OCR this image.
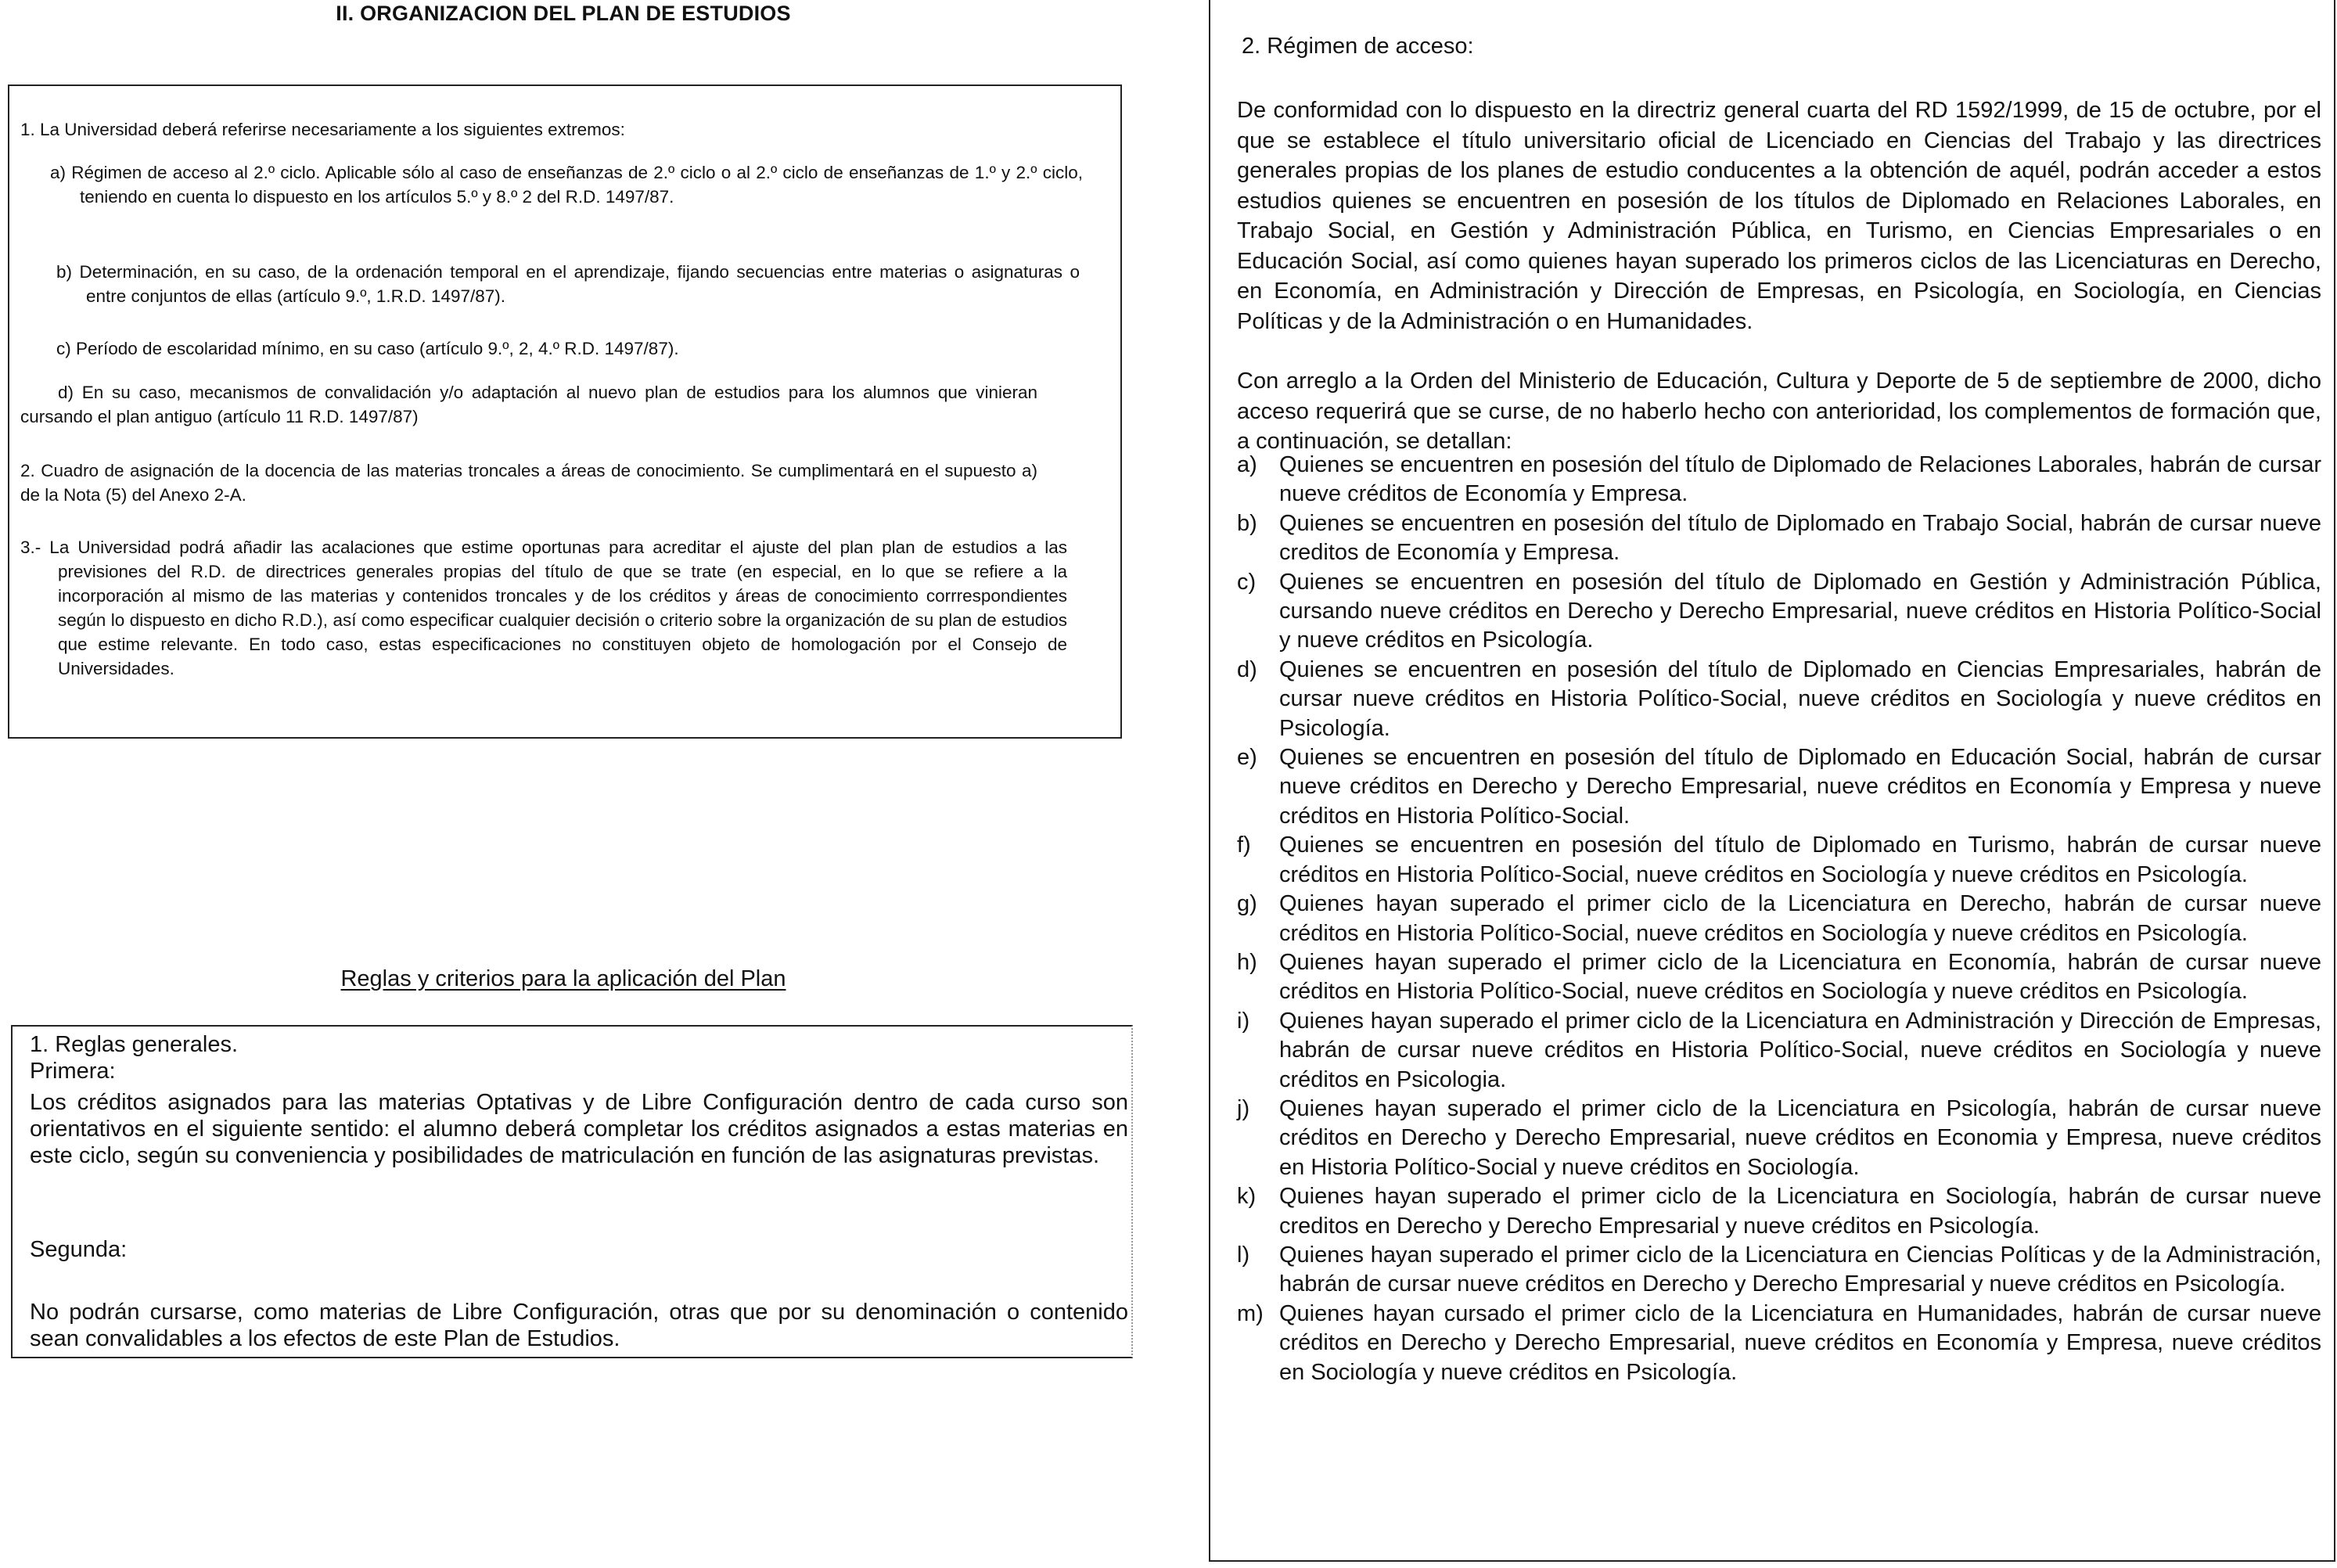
II. ORGANIZACION DEL PLAN DE ESTUDIOS

1. La Universidad deberá referirse necesariamente a los siguientes extremos:

a) Régimen de acceso al 2.º ciclo. Aplicable sólo al caso de enseñanzas de 2.º ciclo o al 2.º ciclo de enseñanzas de 1.º y 2.º ciclo, teniendo en cuenta lo dispuesto en los artículos 5.º y 8.º 2 del R.D. 1497/87.

b) Determinación, en su caso, de la ordenación temporal en el aprendizaje, fijando secuencias entre materias o asignaturas o entre conjuntos de ellas (artículo 9.º, 1.R.D. 1497/87).

c) Período de escolaridad mínimo, en su caso (artículo 9.º, 2, 4.º R.D. 1497/87).

d) En su caso, mecanismos de convalidación y/o adaptación al nuevo plan de estudios para los alumnos que vinieran cursando el plan antiguo (artículo 11 R.D. 1497/87)

2. Cuadro de asignación de la docencia de las materias troncales a áreas de conocimiento. Se cumplimentará en el supuesto a) de la Nota (5) del Anexo 2-A.

3.- La Universidad podrá añadir las acalaciones que estime oportunas para acreditar el ajuste del plan plan de estudios a las previsiones del R.D. de directrices generales propias del título de que se trate (en especial, en lo que se refiere a la incorporación al mismo de las materias y contenidos troncales y de los créditos y áreas de conocimiento corrrespondientes según lo dispuesto en dicho R.D.), así como especificar cualquier decisión o criterio sobre la organización de su plan de estudios que estime relevante. En todo caso, estas especificaciones no constituyen objeto de homologación por el Consejo de Universidades.

Reglas y criterios para la aplicación del Plan

1. Reglas generales.

Primera:

Los créditos asignados para las materias Optativas y de Libre Configuración dentro de cada curso son orientativos en el siguiente sentido: el alumno deberá completar los créditos asignados a estas materias en este ciclo, según su conveniencia y posibilidades de matriculación en función de las asignaturas previstas.

Segunda:

No podrán cursarse, como materias de Libre Configuración, otras que por su denominación o contenido sean convalidables a los efectos de este Plan de Estudios.

2. Régimen de acceso:

De conformidad con lo dispuesto en la directriz general cuarta del RD 1592/1999, de 15 de octubre, por el que se establece el título universitario oficial de Licenciado en Ciencias del Trabajo y las directrices generales propias de los planes de estudio conducentes a la obtención de aquél, podrán acceder a estos estudios quienes se encuentren en posesión de los títulos de Diplomado en Relaciones Laborales, en Trabajo Social, en Gestión y Administración Pública, en Turismo, en Ciencias Empresariales o en Educación Social, así como quienes hayan superado los primeros ciclos de las Licenciaturas en Derecho, en Economía, en Administración y Dirección de Empresas, en Psicología, en Sociología, en Ciencias Políticas y de la Administración o en Humanidades.

Con arreglo a la Orden del Ministerio de Educación, Cultura y Deporte de 5 de septiembre de 2000, dicho acceso requerirá que se curse, de no haberlo hecho con anterioridad, los complementos de formación que, a continuación, se detallan:

a) Quienes se encuentren en posesión del título de Diplomado de Relaciones Laborales, habrán de cursar nueve créditos de Economía y Empresa.
b) Quienes se encuentren en posesión del título de Diplomado en Trabajo Social, habrán de cursar nueve creditos de Economía y Empresa.
c)	Quienes se encuentren en posesión del título de Diplomado en Gestión y Administración Pública, cursando nueve créditos en Derecho y Derecho Empresarial, nueve créditos en Historia Político-Social y nueve créditos en Psicología.
d) Quienes se encuentren en posesión del título de Diplomado en Ciencias Empresariales, habrán de cursar nueve créditos en Historia Político-Social, nueve créditos en Sociología y nueve créditos en Psicología.
e) Quienes se encuentren en posesión del título de Diplomado en Educación Social, habrán de cursar nueve créditos en Derecho y Derecho Empresarial, nueve créditos en Economía y Empresa y nueve créditos en Historia Político-Social.
f)	Quienes se encuentren en posesión del título de Diplomado en Turismo, habrán de cursar nueve créditos en Historia Político-Social, nueve créditos en Sociología y nueve créditos en Psicología.
g) Quienes hayan superado el primer ciclo de la Licenciatura en Derecho, habrán de cursar nueve créditos en Historia Político-Social, nueve créditos en Sociología y nueve créditos en Psicología.
h) Quienes hayan superado el primer ciclo de la Licenciatura en Economía, habrán de cursar nueve créditos en Historia Político-Social, nueve créditos en Sociología y nueve créditos en Psicología.
i)	Quienes hayan superado el primer ciclo de la Licenciatura en Administración y Dirección de Empresas, habrán de cursar nueve créditos en Historia Político-Social, nueve créditos en Sociología y nueve créditos en Psicologia.
j)	Quienes hayan superado el primer ciclo de la Licenciatura en Psicología, habrán de cursar nueve créditos en Derecho y Derecho Empresarial, nueve créditos en Economia y Empresa, nueve créditos en Historia Político-Social y nueve créditos en Sociología.
k)	Quienes hayan superado el primer ciclo de la Licenciatura en Sociología, habrán de cursar nueve creditos en Derecho y Derecho Empresarial y nueve créditos en Psicología.
l)	Quienes hayan superado el primer ciclo de la Licenciatura en Ciencias Políticas y de la Administración, habrán de cursar nueve créditos en Derecho y Derecho Empresarial y nueve créditos en Psicología.
m) Quienes hayan cursado el primer ciclo de la Licenciatura en Humanidades, habrán de cursar nueve créditos en Derecho y Derecho Empresarial, nueve créditos en Economía y Empresa, nueve créditos en Sociología y nueve créditos en Psicología.
